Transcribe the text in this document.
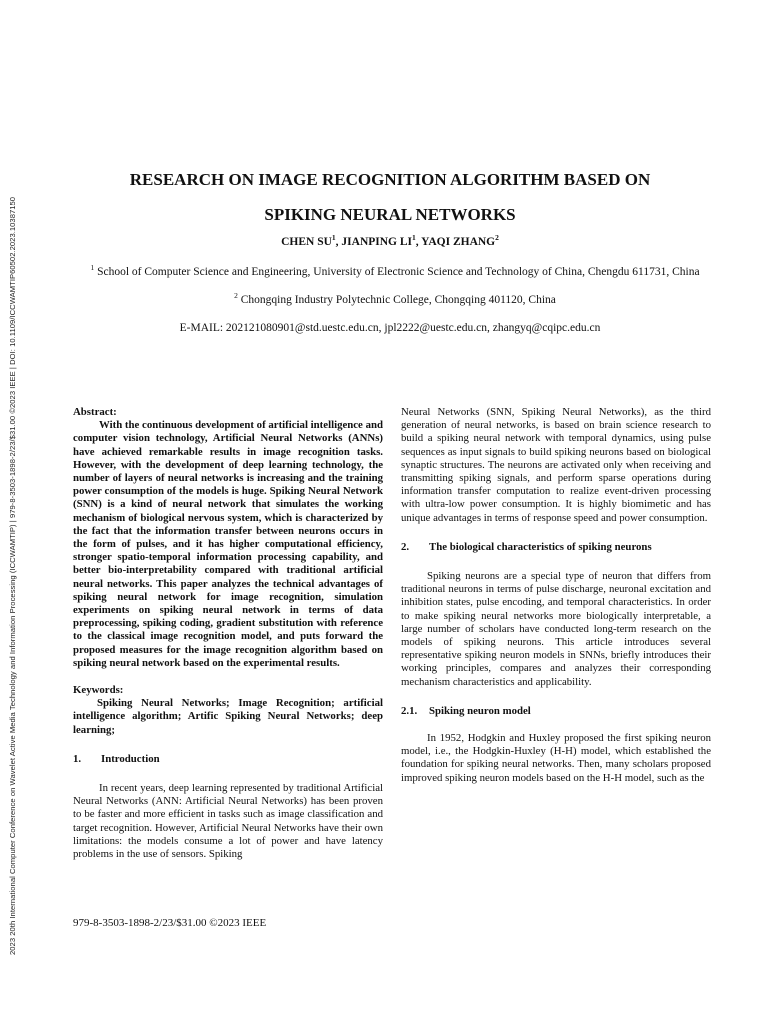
2023 20th International Computer Conference on Wavelet Active Media Technology and Information Processing (ICCWAMTIP) | 979-8-3503-1898-2/23/$31.00 ©2023 IEEE | DOI: 10.1109/ICCWAMTIP60502.2023.10387150
RESEARCH ON IMAGE RECOGNITION ALGORITHM BASED ON
SPIKING NEURAL NETWORKS
CHEN $SU^1$, JIANPING $LI^1$, YAQI ZHANG$^2$
$^1$ School of Computer Science and Engineering, University of Electronic Science and Technology of China, Chengdu 611731, China
$^2$ Chongqing Industry Polytechnic College, Chongqing 401120, China
E-MAIL: 202121080901@std.uestc.edu.cn, jpl2222@uestc.edu.cn, zhangyq@cqipc.edu.cn

Abstract:

With the continuous development of artificial intelligence and computer vision technology, Artificial Neural Networks (ANNs) have achieved remarkable results in image recognition tasks. However, with the development of deep learning technology, the number of layers of neural networks is increasing and the training power consumption of the models is huge. Spiking Neural Network (SNN) is a kind of neural network that simulates the working mechanism of biological nervous system, which is characterized by the fact that the information transfer between neurons occurs in the form of pulses, and it has higher computational efficiency, stronger spatio-temporal information processing capability, and better bio-interpretability compared with traditional artificial neural networks. This paper analyzes the technical advantages of spiking neural network for image recognition, simulation experiments on spiking neural network in terms of data preprocessing, spiking coding, gradient substitution with reference to the classical image recognition model, and puts forward the proposed measures for the image recognition algorithm based on spiking neural network based on the experimental results.

Keywords:

Spiking Neural Networks; Image Recognition; artificial intelligence algorithm; Artific Spiking Neural Networks; deep learning;

1. Introduction

In recent years, deep learning represented by traditional Artificial Neural Networks (ANN: Artificial Neural Networks) has been proven to be faster and more efficient in tasks such as image classification and target recognition. However, Artificial Neural Networks have their own limitations: the models consume a lot of power and have latency problems in the use of sensors. Spiking

Neural Networks (SNN, Spiking Neural Networks), as the third generation of neural networks, is based on brain science research to build a spiking neural network with temporal dynamics, using pulse sequences as input signals to build spiking neurons based on biological synaptic structures. The neurons are activated only when receiving and transmitting spiking signals, and perform sparse operations during information transfer computation to realize event-driven processing with ultra-low power consumption. It is highly biomimetic and has unique advantages in terms of response speed and power consumption.

2. The biological characteristics of spiking neurons

Spiking neurons are a special type of neuron that differs from traditional neurons in terms of pulse discharge, neuronal excitation and inhibition states, pulse encoding, and temporal characteristics. In order to make spiking neural networks more biologically interpretable, a large number of scholars have conducted long-term research on the models of spiking neurons. This article introduces several representative spiking neuron models in SNNs, briefly introduces their working principles, compares and analyzes their corresponding mechanism characteristics and applicability.

2.1. Spiking neuron model

In 1952, Hodgkin and Huxley proposed the first spiking neuron model, i.e., the Hodgkin-Huxley (H-H) model, which established the foundation for spiking neural networks. Then, many scholars proposed improved spiking neuron models based on the H-H model, such as the

979-8-3503-1898-2/23/$31.00 ©2023 IEEE
